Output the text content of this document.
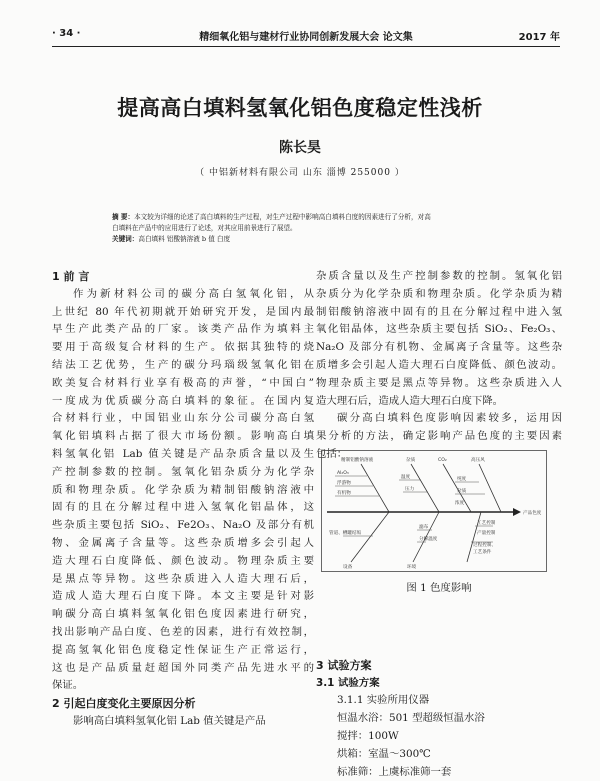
· 34 ·	精细氧化铝与建材行业协同创新发展大会 论文集	2017 年
提高高白填料氢氧化铝色度稳定性浅析
陈长昊
（ 中铝新材料有限公司 山东 淄博 255000 ）
摘 要：本文较为详细的论述了高白填料的生产过程，对生产过程中影响高白填料白度的因素进行了分析，对高
白填料在产品中的应用进行了论述，对其应用前景进行了展望。
关键词：高白填料 铝酸钠溶液 b 值 白度
1 前 言
作为新材料公司的碳分高白氢氧化铝，从
上世纪 80 年代初期就开始研究开发，是国内最
早生产此类产品的厂家。该类产品作为填料主
要用于高级复合材料的生产。依据其独特的烧
结法工艺优势，生产的碳分玛瑙级氢氧化铝在
欧美复合材料行业享有极高的声誉，“中国白”
一度成为优质碳分高白填料的象征。在国内复
合材料行业，中国铝业山东分公司碳分高白氢
氧化铝填料占据了很大市场份额。影响高白填
料氢氧化铝 Lab 值关键是产品杂质含量以及生
产控制参数的控制。氢氧化铝杂质分为化学杂
质和物理杂质。化学杂质为精制铝酸钠溶液中
固有的且在分解过程中进入氢氧化铝晶体，这
些杂质主要包括 SiO₂、Fe2O₃、Na₂O 及部分有机
物、金属离子含量等。这些杂质增多会引起人
造大理石白度降低、颜色波动。物理杂质主要
是黑点等异物。这些杂质进入人造大理石后，
造成人造大理石白度下降。本文主要是针对影
响碳分高白填料氢氧化铝色度因素进行研究，
找出影响产品白度、色差的因素，进行有效控制，
提高氢氧化铝色度稳定性保证生产正常运行，
这也是产品质量赶超国外同类产品先进水平的
保证。
2 引起白度变化主要原因分析
影响高白填料氢氧化铝 Lab 值关键是产品
杂质含量以及生产控制参数的控制。氢氧化铝
杂质分为化学杂质和物理杂质。化学杂质为精
制铝酸钠溶液中固有的且在分解过程中进入氢
氧化铝晶体，这些杂质主要包括 SiO₂、Fe₂O₃、
Na₂O 及部分有机物、金属离子含量等。这些杂
质增多会引起人造大理石白度降低、颜色波动。
物理杂质主要是黑点等异物。这些杂质进入人
造大理石后，造成人造大理石白度下降。
碳分高白填料色度影响因素较多，运用因
果分析的方法，确定影响产品色度的主要因素
包括：
3 试验方案
3.1 试验方案
3.1.1 实验所用仪器
恒温水浴：501 型超级恒温水浴
搅拌：100W
烘箱：室温～300℃
标准筛：上虞标准筛一套
精制铝酸钠溶液	杂质	CO₂	高压风
Al₂O₃
浮游物
有机物
温度
压力
纯度
杂质
浓度
产品色度
管道、槽罐结垢
设备
工艺控制
滤布
分解温度
产量控制
过程控制、
工艺条件
环境
图 1 色度影响
